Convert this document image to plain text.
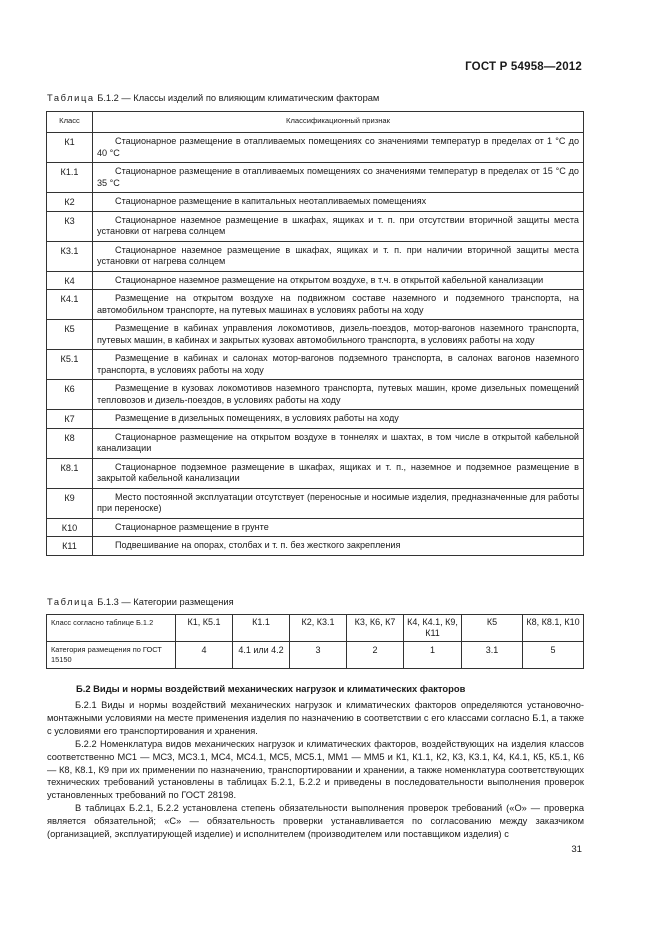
ГОСТ Р 54958—2012
Таблица Б.1.2 — Классы изделий по влияющим климатическим факторам
Класс	Классификационный признак
К1	Стационарное размещение в отапливаемых помещениях со значениями температур в пределах от 1 °С до 40 °С
К1.1	Стационарное размещение в отапливаемых помещениях со значениями температур в пределах от 15 °С до 35 °С
К2	Стационарное размещение в капитальных неотапливаемых помещениях
К3	Стационарное наземное размещение в шкафах, ящиках и т. п. при отсутствии вторичной защиты места установки от нагрева солнцем
К3.1	Стационарное наземное размещение в шкафах, ящиках и т. п. при наличии вторичной защиты места установки от нагрева солнцем
К4	Стационарное наземное размещение на открытом воздухе, в т.ч. в открытой кабельной канализации
К4.1	Размещение на открытом воздухе на подвижном составе наземного и подземного транспорта, на автомобильном транспорте, на путевых машинах в условиях работы на ходу
К5	Размещение в кабинах управления локомотивов, дизель-поездов, мотор-вагонов наземного транспорта, путевых машин, в кабинах и закрытых кузовах автомобильного транспорта, в условиях работы на ходу
К5.1	Размещение в кабинах и салонах мотор-вагонов подземного транспорта, в салонах вагонов наземного транспорта, в условиях работы на ходу
К6	Размещение в кузовах локомотивов наземного транспорта, путевых машин, кроме дизельных помещений тепловозов и дизель-поездов, в условиях работы на ходу
К7	Размещение в дизельных помещениях, в условиях работы на ходу
К8	Стационарное размещение на открытом воздухе в тоннелях и шахтах, в том числе в открытой кабельной канализации
К8.1	Стационарное подземное размещение в шкафах, ящиках и т. п., наземное и подземное размещение в закрытой кабельной канализации
К9	Место постоянной эксплуатации отсутствует (переносные и носимые изделия, предназначенные для работы при переноске)
К10	Стационарное размещение в грунте
К11	Подвешивание на опорах, столбах и т. п. без жесткого закрепления
Таблица Б.1.3 — Категории размещения
Класс согласно таблице Б.1.2	К1, К5.1	К1.1	К2, К3.1	К3, К6, К7	К4, К4.1, К9, К11	К5	К8, К8.1, К10
Категория размещения по ГОСТ 15150	4	4.1 или 4.2	3	2	1	3.1	5
Б.2 Виды и нормы воздействий механических нагрузок и климатических факторов

Б.2.1 Виды и нормы воздействий механических нагрузок и климатических факторов определяются установочно-монтажными условиями на месте применения изделия по назначению в соответствии с его классами согласно Б.1, а также с условиями его транспортирования и хранения.

Б.2.2 Номенклатура видов механических нагрузок и климатических факторов, воздействующих на изделия классов соответственно МС1 — МС3, МС3.1, МС4, МС4.1, МС5, МС5.1, ММ1 — ММ5 и К1, К1.1, К2, К3, К3.1, К4, К4.1, К5, К5.1, К6 — К8, К8.1, К9 при их применении по назначению, транспортировании и хранении, а также номенклатура соответствующих технических требований установлены в таблицах Б.2.1, Б.2.2 и приведены в последовательности выполнения проверок установленных требований по ГОСТ 28198.

В таблицах Б.2.1, Б.2.2 установлена степень обязательности выполнения проверок требований («О» — проверка является обязательной; «С» — обязательность проверки устанавливается по согласованию между заказчиком (организацией, эксплуатирующей изделие) и исполнителем (производителем или поставщиком изделия) с

31
